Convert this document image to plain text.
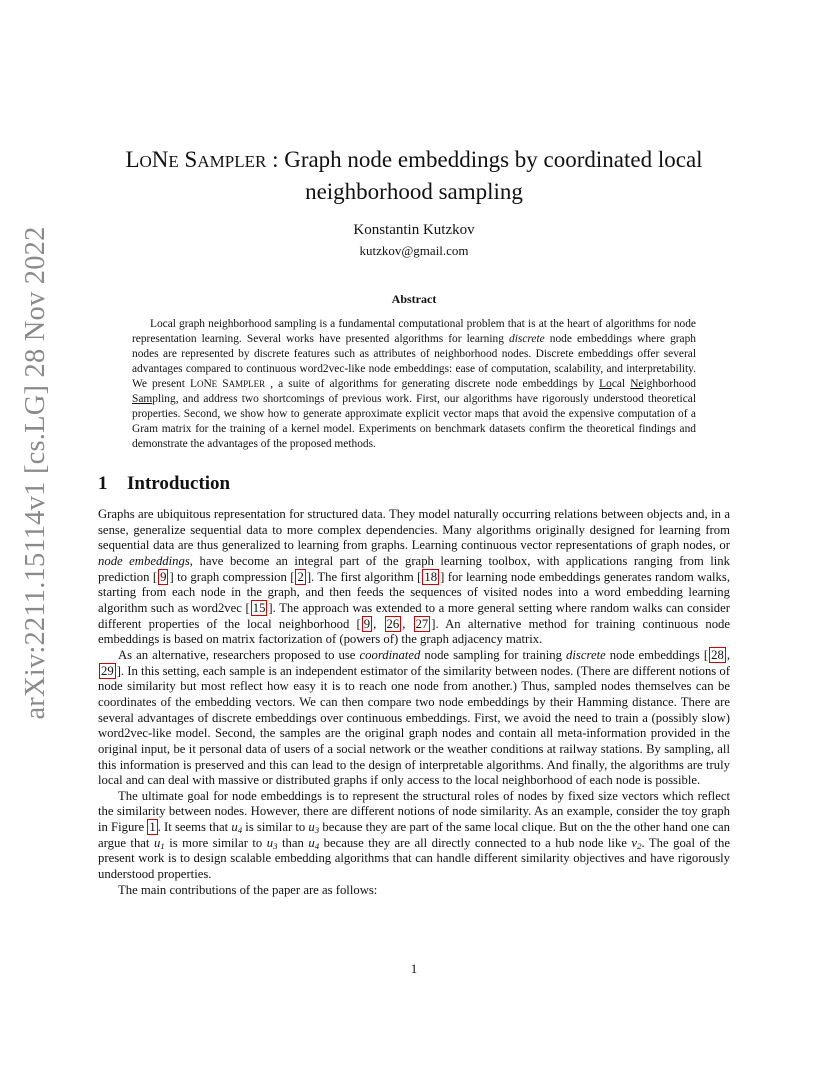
arXiv:2211.15114v1 [cs.LG] 28 Nov 2022
LONE SAMPLER : Graph node embeddings by coordinated local
neighborhood sampling
Konstantin Kutzkov
kutzkov@gmail.com
Abstract

Local graph neighborhood sampling is a fundamental computational problem that is at the heart of algorithms for node representation learning. Several works have presented algorithms for learning discrete node embeddings where graph nodes are represented by discrete features such as attributes of neighborhood nodes. Discrete embeddings offer several advantages compared to continuous word2vec-like node embeddings: ease of computation, scalability, and interpretability. We present LONE SAMPLER , a suite of algorithms for generating discrete node embeddings by Local Neighborhood Sampling, and address two shortcomings of previous work. First, our algorithms have rigorously understood theoretical properties. Second, we show how to generate approximate explicit vector maps that avoid the expensive computation of a Gram matrix for the training of a kernel model. Experiments on benchmark datasets confirm the theoretical findings and demonstrate the advantages of the proposed methods.

1 Introduction

Graphs are ubiquitous representation for structured data. They model naturally occurring relations between objects and, in a sense, generalize sequential data to more complex dependencies. Many algorithms originally designed for learning from sequential data are thus generalized to learning from graphs. Learning continuous vector representations of graph nodes, or node embeddings, have become an integral part of the graph learning toolbox, with applications ranging from link prediction [ 9 ] to graph compression [ 2 ]. The first algorithm [ 18 ] for learning node embeddings generates random walks, starting from each node in the graph, and then feeds the sequences of visited nodes into a word embedding learning algorithm such as word2vec [ 15 ]. The approach was extended to a more general setting where random walks can consider different properties of the local neighborhood [ 9 , 26 , 27 ]. An alternative method for training continuous node embeddings is based on matrix factorization of (powers of) the graph adjacency matrix.

As an alternative, researchers proposed to use coordinated node sampling for training discrete node embeddings [ 28 , 29 ]. In this setting, each sample is an independent estimator of the similarity between nodes. (There are different notions of node similarity but most reflect how easy it is to reach one node from another.) Thus, sampled nodes themselves can be coordinates of the embedding vectors. We can then compare two node embeddings by their Hamming distance. There are several advantages of discrete embeddings over continuous embeddings. First, we avoid the need to train a (possibly slow) word2vec-like model. Second, the samples are the original graph nodes and contain all meta-information provided in the original input, be it personal data of users of a social network or the weather conditions at railway stations. By sampling, all this information is preserved and this can lead to the design of interpretable algorithms. And finally, the algorithms are truly local and can deal with massive or distributed graphs if only access to the local neighborhood of each node is possible.

The ultimate goal for node embeddings is to represent the structural roles of nodes by fixed size vectors which reflect the similarity between nodes. However, there are different notions of node similarity. As an example, consider the toy graph in Figure 1 . It seems that $u_4$ is similar to $u_3$ because they are part of the same local clique. But on the the other hand one can argue that $u_1$ is more similar to $u_3$ than $u_4$ because they are all directly connected to a hub node like $v_2$. The goal of the present work is to design scalable embedding algorithms that can handle different similarity objectives and have rigorously understood properties.

The main contributions of the paper are as follows:

1
